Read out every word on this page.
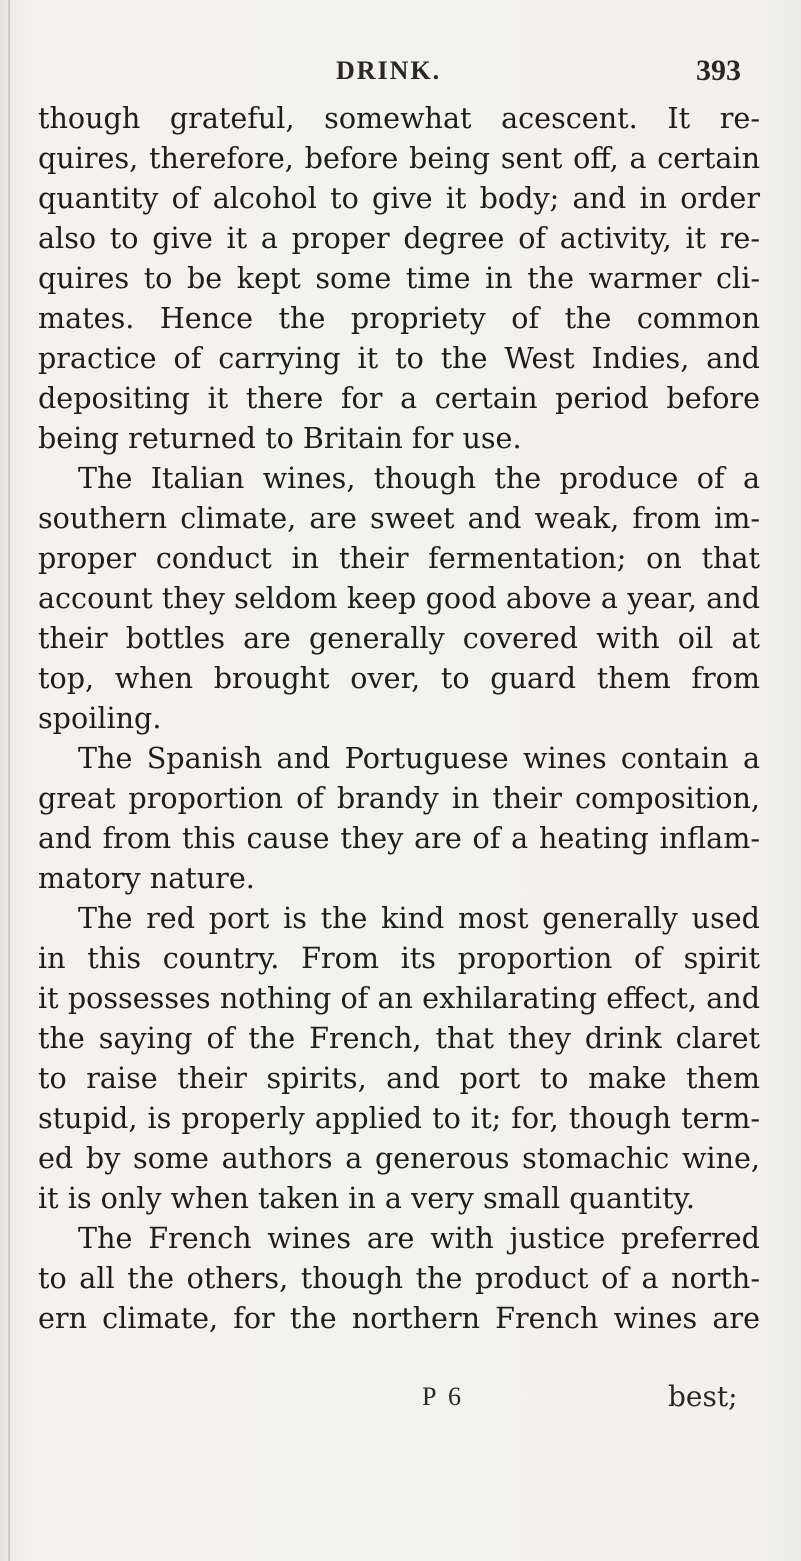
DRINK.	393
though grateful, somewhat acescent. It re-
quires, therefore, before being sent off, a certain
quantity of alcohol to give it body; and in order
also to give it a proper degree of activity, it re-
quires to be kept some time in the warmer cli-
mates. Hence the propriety of the common
practice of carrying it to the West Indies, and
depositing it there for a certain period before
being returned to Britain for use.
The Italian wines, though the produce of a
southern climate, are sweet and weak, from im-
proper conduct in their fermentation; on that
account they seldom keep good above a year, and
their bottles are generally covered with oil at
top, when brought over, to guard them from
spoiling.
The Spanish and Portuguese wines contain a
great proportion of brandy in their composition,
and from this cause they are of a heating inflam-
matory nature.
The red port is the kind most generally used
in this country. From its proportion of spirit
it possesses nothing of an exhilarating effect, and
the saying of the French, that they drink claret
to raise their spirits, and port to make them
stupid, is properly applied to it; for, though term-
ed by some authors a generous stomachic wine,
it is only when taken in a very small quantity.
The French wines are with justice preferred
to all the others, though the product of a north-
ern climate, for the northern French wines are
P 6	best;
